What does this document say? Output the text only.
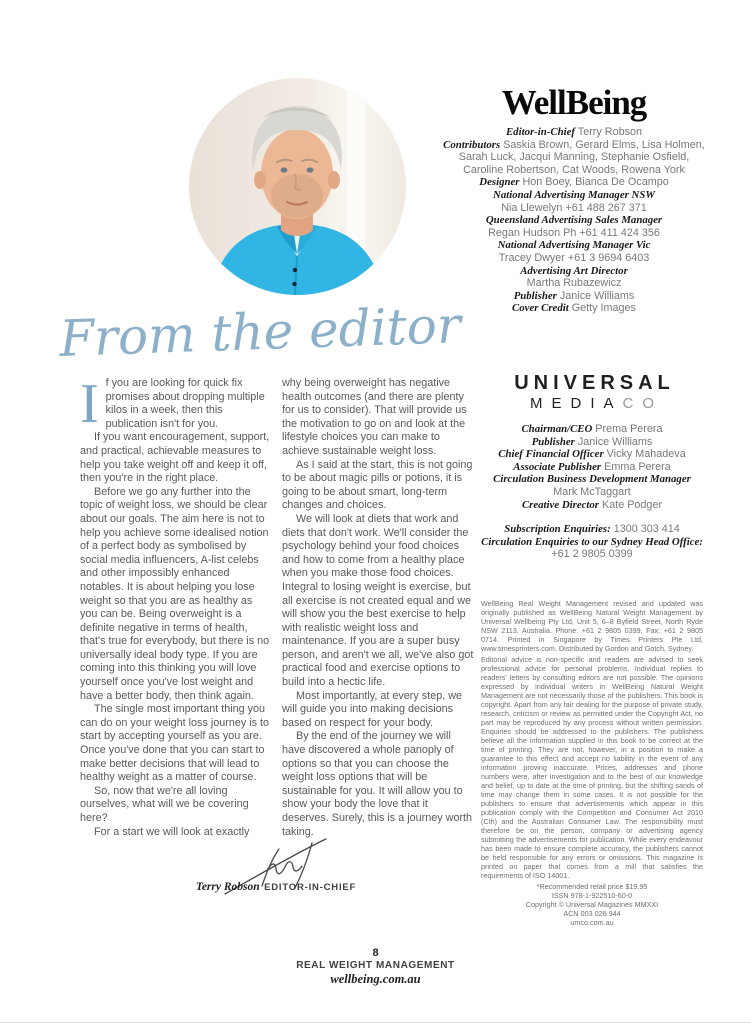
WellBeing
Editor-in-Chief Terry Robson
Contributors Saskia Brown, Gerard Elms, Lisa Holmen, Sarah Luck, Jacqui Manning, Stephanie Osfield, Caroline Robertson, Cat Woods, Rowena York
Designer Hon Boey, Bianca De Ocampo
National Advertising Manager NSW
Nia Llewelyn +61 488 267 371
Queensland Advertising Sales Manager
Regan Hudson Ph +61 411 424 356
National Advertising Manager Vic
Tracey Dwyer +61 3 9694 6403
Advertising Art Director
Martha Rubazewicz
Publisher Janice Williams
Cover Credit Getty Images
From the editor

If you are looking for quick fix promises about dropping multiple kilos in a week, then this publication isn't for you.

If you want encouragement, support, and practical, achievable measures to help you take weight off and keep it off, then you're in the right place.

Before we go any further into the topic of weight loss, we should be clear about our goals. The aim here is not to help you achieve some idealised notion of a perfect body as symbolised by social media influencers, A-list celebs and other impossibly enhanced notables. It is about helping you lose weight so that you are as healthy as you can be. Being overweight is a definite negative in terms of health, that's true for everybody, but there is no universally ideal body type. If you are coming into this thinking you will love yourself once you've lost weight and have a better body, then think again.

The single most important thing you can do on your weight loss journey is to start by accepting yourself as you are. Once you've done that you can start to make better decisions that will lead to healthy weight as a matter of course.

So, now that we're all loving ourselves, what will we be covering here?

For a start we will look at exactly

why being overweight has negative health outcomes (and there are plenty for us to consider). That will provide us the motivation to go on and look at the lifestyle choices you can make to achieve sustainable weight loss.

As I said at the start, this is not going to be about magic pills or potions, it is going to be about smart, long-term changes and choices.

We will look at diets that work and diets that don't work. We'll consider the psychology behind your food choices and how to come from a healthy place when you make those food choices. Integral to losing weight is exercise, but all exercise is not created equal and we will show you the best exercise to help with realistic weight loss and maintenance. If you are a super busy person, and aren't we all, we've also got practical food and exercise options to build into a hectic life.

Most importantly, at every step, we will guide you into making decisions based on respect for your body.

By the end of the journey we will have discovered a whole panoply of options so that you can choose the weight loss options that will be sustainable for you. It will allow you to show your body the love that it deserves. Surely, this is a journey worth taking.

UNIVERSAL
MEDIACO
Chairman/CEO Prema Perera
Publisher Janice Williams
Chief Financial Officer Vicky Mahadeva
Associate Publisher Emma Perera
Circulation Business Development Manager
Mark McTaggart
Creative Director Kate Podger
Subscription Enquiries: 1300 303 414
Circulation Enquiries to our Sydney Head Office: +61 2 9805 0399

WellBeing Real Weight Management revised and updated was originally published as WellBeing Natural Weight Management by Universal Wellbeing Pty Ltd, Unit 5, 6–8 Byfield Street, North Ryde NSW 2113, Australia. Phone: +61 2 9805 0399, Fax: +61 2 9805 0714. Printed in Singapore by Times Printers Pte Ltd, www.timesprinters.com. Distributed by Gordon and Gotch, Sydney.

Editorial advice is non-specific and readers are advised to seek professional advice for personal problems. Individual replies to readers' letters by consulting editors are not possible. The opinions expressed by individual writers in WellBeing Natural Weight Management are not necessarily those of the publishers. This book is copyright. Apart from any fair dealing for the purpose of private study, research, criticism or review as permitted under the Copyright Act, no part may be reproduced by any process without written permission. Enquiries should be addressed to the publishers. The publishers believe all the information supplied in this book to be correct at the time of printing. They are not, however, in a position to make a guarantee to this effect and accept no liability in the event of any information proving inaccurate. Prices, addresses and phone numbers were, after investigation and to the best of our knowledge and belief, up to date at the time of printing, but the shifting sands of time may change them in some cases. It is not possible for the publishers to ensure that advertisements which appear in this publication comply with the Competition and Consumer Act 2010 (Cth) and the Australian Consumer Law. The responsibility must therefore be on the person, company or advertising agency submitting the advertisements for publication. While every endeavour has been made to ensure complete accuracy, the publishers cannot be held responsible for any errors or omissions. This magazine is printed on paper that comes from a mill that satisfies the requirements of ISO 14001.

*Recommended retail price $19.95
ISSN 978-1-922510-60-0
Copyright © Universal Magazines MMXXI
ACN 003 026 944
umco.com.au
Terry Robson EDITOR-IN-CHIEF
8
REAL WEIGHT MANAGEMENT
wellbeing.com.au
